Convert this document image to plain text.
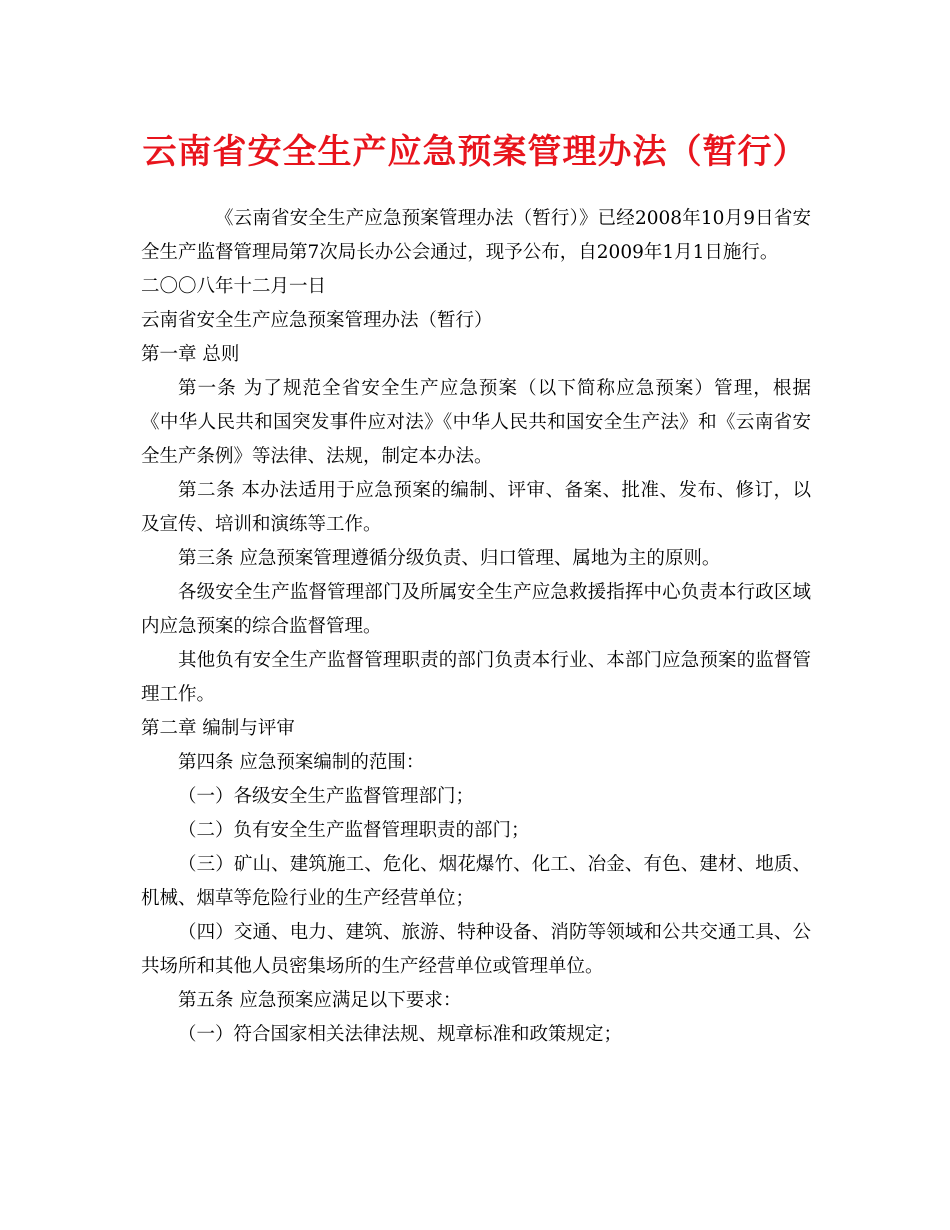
云南省安全生产应急预案管理办法（暂行）

《云南省安全生产应急预案管理办法（暂行）》已经2008年10月9日省安全生产监督管理局第7次局长办公会通过，现予公布，自2009年1月1日施行。

二〇〇八年十二月一日

云南省安全生产应急预案管理办法（暂行）

第一章 总则

第一条 为了规范全省安全生产应急预案（以下简称应急预案）管理，根据《中华人民共和国突发事件应对法》《中华人民共和国安全生产法》和《云南省安全生产条例》等法律、法规，制定本办法。

第二条 本办法适用于应急预案的编制、评审、备案、批准、发布、修订，以及宣传、培训和演练等工作。

第三条 应急预案管理遵循分级负责、归口管理、属地为主的原则。

各级安全生产监督管理部门及所属安全生产应急救援指挥中心负责本行政区域内应急预案的综合监督管理。

其他负有安全生产监督管理职责的部门负责本行业、本部门应急预案的监督管理工作。

第二章 编制与评审

第四条 应急预案编制的范围：

（一）各级安全生产监督管理部门；

（二）负有安全生产监督管理职责的部门；

（三）矿山、建筑施工、危化、烟花爆竹、化工、冶金、有色、建材、地质、机械、烟草等危险行业的生产经营单位；

（四）交通、电力、建筑、旅游、特种设备、消防等领域和公共交通工具、公共场所和其他人员密集场所的生产经营单位或管理单位。

第五条 应急预案应满足以下要求：

（一）符合国家相关法律法规、规章标准和政策规定；
